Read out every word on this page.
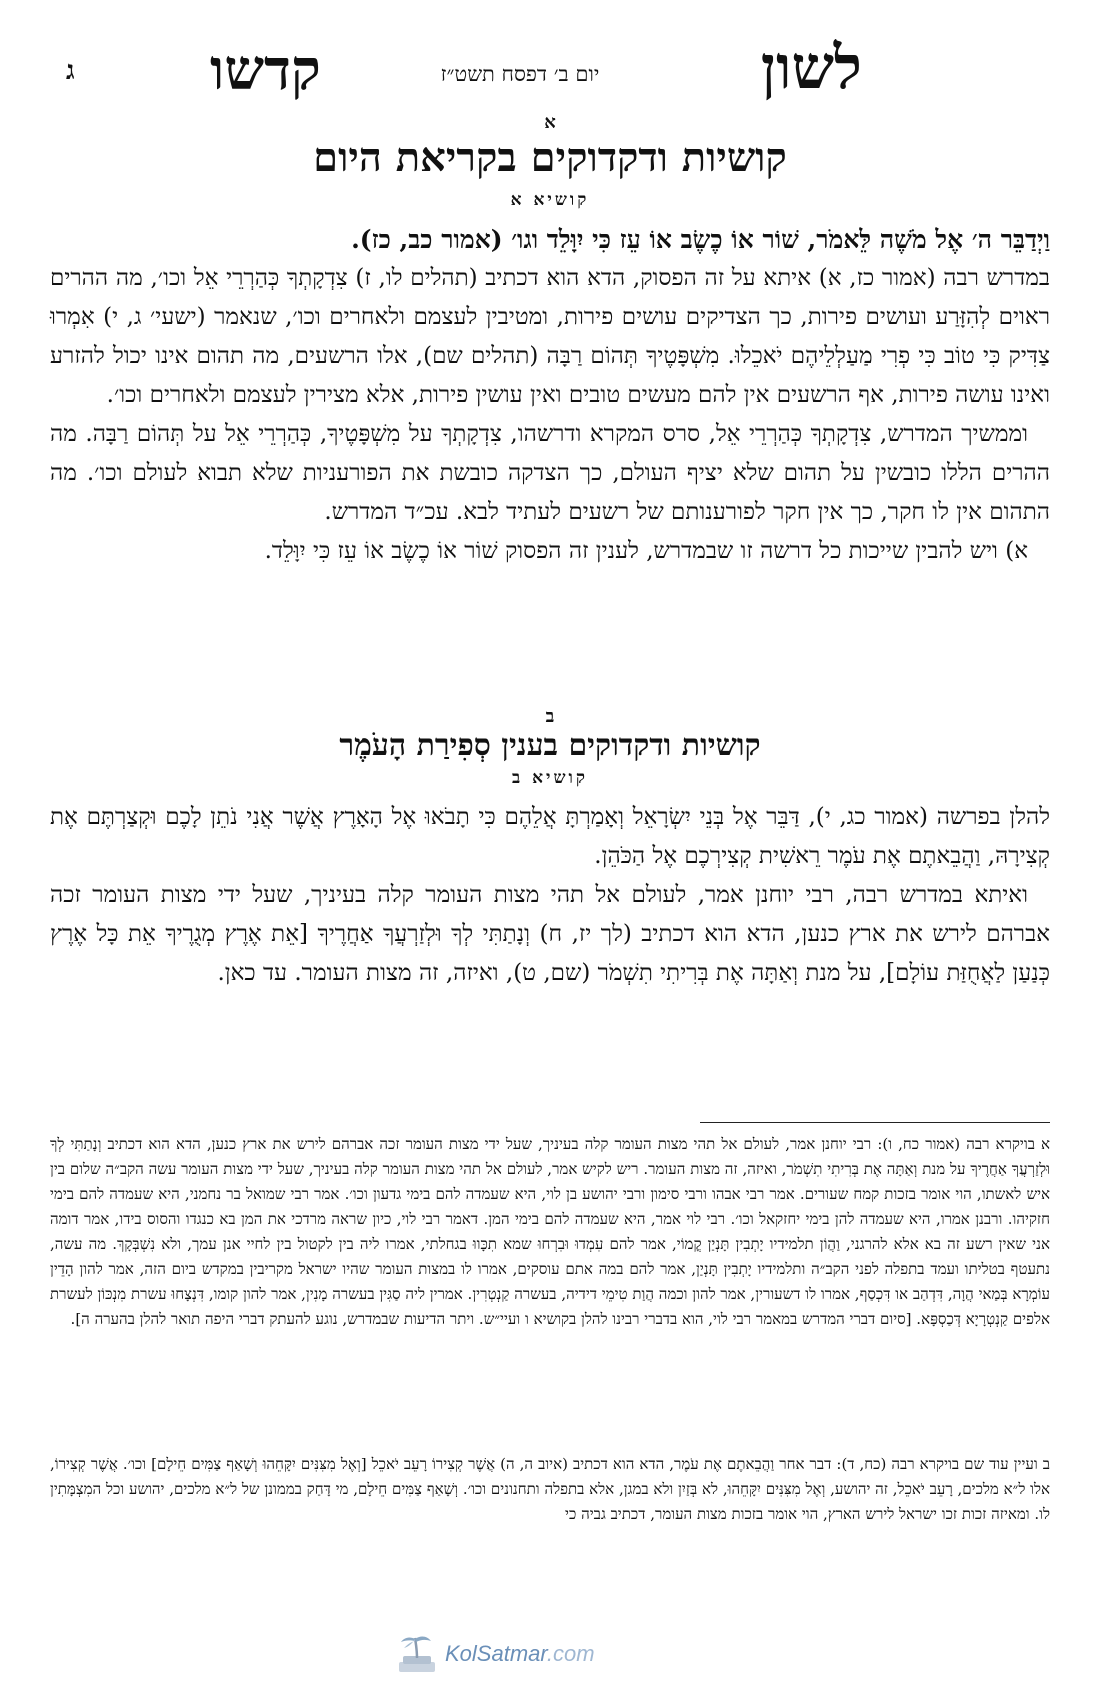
לשון
יום ב׳ דפסח תשט״ז
קדשו
ג
א
קושיות ודקדוקים בקריאת היום
קושיא א

וַיְדַבֵּר ה׳ אֶל מֹשֶׁה לֵּאמֹר, שׁוֹר אוֹ כֶשֶׂב אוֹ עֵז כִּי יִוָּלֵד וגו׳ (אמור כב, כז).

במדרש רבה (אמור כז, א) איתא על זה הפסוק, הדא הוא דכתיב (תהלים לו, ז) צִדְקָתְךָ כְּהַרְרֵי אֵל וכו׳, מה ההרים ראוים לְהִזָּרַע ועושים פירות, כך הצדיקים עושים פירות, ומטיבין לעצמם ולאחרים וכו׳, שנאמר (ישעי׳ ג, י) אִמְרוּ צַדִּיק כִּי טוֹב כִּי פְרִי מַעַלְלֵיהֶם יֹאכֵלוּ. מִשְׁפָּטֶיךָ תְּהוֹם רַבָּה (תהלים שם), אלו הרשעים, מה תהום אינו יכול להזרע ואינו עושה פירות, אף הרשעים אין להם מעשים טובים ואין עושין פירות, אלא מצירין לעצמם ולאחרים וכו׳.

וממשיך המדרש, צִדְקָתְךָ כְּהַרְרֵי אֵל, סרס המקרא ודרשהו, צִדְקָתְךָ על מִשְׁפָּטֶיךָ, כְּהַרְרֵי אֵל על תְּהוֹם רַבָּה. מה ההרים הללו כובשין על תהום שלא יציף העולם, כך הצדקה כובשת את הפורעניות שלא תבוא לעולם וכו׳. מה התהום אין לו חקר, כך אין חקר לפורענותם של רשעים לעתיד לבא. עכ״ד המדרש.

א) ויש להבין שייכות כל דרשה זו שבמדרש, לענין זה הפסוק שׁוֹר אוֹ כֶשֶׂב אוֹ עֵז כִּי יִוָּלֵד.

ב
קושיות ודקדוקים בענין סְפִירַת הָעֹמֶר
קושיא ב

להלן בפרשה (אמור כג, י), דַּבֵּר אֶל בְּנֵי יִשְׂרָאֵל וְאָמַרְתָּ אֲלֵהֶם כִּי תָבֹאוּ אֶל הָאָרֶץ אֲשֶׁר אֲנִי נֹתֵן לָכֶם וּקְצַרְתֶּם אֶת קְצִירָהּ, וַהֲבֵאתֶם אֶת עֹמֶר רֵאשִׁית קְצִירְכֶם אֶל הַכֹּהֵן.

ואיתא במדרש רבה, רבי יוחנן אמר, לעולם אל תהי מצות העומר קלה בעיניך, שעל ידי מצות העומר זכה אברהם לירש את ארץ כנען, הדא הוא דכתיב (לך יז, ח) וְנָתַתִּי לְךָ וּלְזַרְעֲךָ אַחֲרֶיךָ [אֵת אֶרֶץ מְגֻרֶיךָ אֵת כָּל אֶרֶץ כְּנַעַן לַאֲחֻזַּת עוֹלָם], על מנת וְאַתָּה אֶת בְּרִיתִי תִשְׁמֹר (שם, ט), ואיזה, זה מצות העומר. עד כאן.

א בויקרא רבה (אמור כח, ו): רבי יוחנן אמר, לעולם אל תהי מצות העומר קלה בעיניך, שעל ידי מצות העומר זכה אברהם לירש את ארץ כנען, הדא הוא דכתיב וְנָתַתִּי לְךָ וּלְזַרְעֲךָ אַחֲרֶיךָ על מנת וְאַתָּה אֶת בְּרִיתִי תִשְׁמֹר, ואיזה, זה מצות העומר. ריש לקיש אמר, לעולם אל תהי מצות העומר קלה בעיניך, שעל ידי מצות העומר עשה הקב״ה שלום בין איש לאשתו, הוי אומר בזכות קמח שעורים. אמר רבי אבהו ורבי סימון ורבי יהושע בן לוי, היא שעמדה להם בימי גדעון וכו׳. אמר רבי שמואל בר נחמני, היא שעמדה להם בימי חזקיהו. ורבנן אמרו, היא שעמדה להן בימי יחזקאל וכו׳. רבי לוי אמר, היא שעמדה להם בימי המן. דאמר רבי לוי, כיון שראה מרדכי את המן בא כנגדו והסוס בידו, אמר דומה אני שאין רשע זה בא אלא להרגני, וַהֲוֹן תלמידיו יָתְבִין תָּנְיַן קֳמוֹי, אמר להם עִמְדוּ וּבִרְחוּ שמא תִכָּווּ בגחלתי, אמרו ליה בין לקטול בין לחיי אנן עמך, ולא נִשְׁבְּקָךְ. מה עשה, נתעטף בטליתו ועמד בתפלה לפני הקב״ה ותלמידיו יָתְבִין תָּנְיַן, אמר להם במה אתם עוסקים, אמרו לו במצות העומר שהיו ישראל מקריבין במקדש ביום הזה, אמר להון הָדֵין עוֹמְרָא בְּמַאי הֲוָה, דִּדְהַב או דִּכְסַף, אמרו לו דשעורין, אמר להון וכמה הֲוַת טִימֵי דידיה, בעשרה קַנְטְרִין. אמרין ליה סַגִּין בעשרה מָנִין, אמר להון קומו, דִּנְצָחוּ עשרת מִנְכּוֹן לעשרת אלפים קַנְטְרָיָא דְּכַסְפָּא. [סיום דברי המדרש במאמר רבי לוי, הוא בדברי רבינו להלן בקושיא ו ועיי״ש. ויתר הדיעות שבמדרש, נוגע להעתק דברי היפה תואר להלן בהערה ה].
ב ועיין עוד שם בויקרא רבה (כח, ד): דבר אחר וַהֲבֵאתֶם אֶת עֹמֶר, הדא הוא דכתיב (איוב ה, ה) אֲשֶׁר קְצִירוֹ רָעֵב יֹאכֵל [וְאֶל מִצִּנִּים יִקָּחֵהוּ וְשָׁאַף צַמִּים חֵילָם] וכו׳. אֲשֶׁר קְצִירוֹ, אלו ל״א מלכים, רָעֵב יֹאכֵל, זה יהושע, וְאֶל מִצִּנִּים יִקָּחֵהוּ, לא בְּזַיִן ולא במגן, אלא בתפלה ותחנונים וכו׳. וְשָׁאַף צַמִּים חֵילָם, מי דָּחַק בממונן של ל״א מלכים, יהושע וכל המִצְמָּתִין לו. ומאיזה זכות זכו ישראל לירש הארץ, הוי אומר בזכות מצות העומר, דכתיב גביה כי
KolSatmar.com
